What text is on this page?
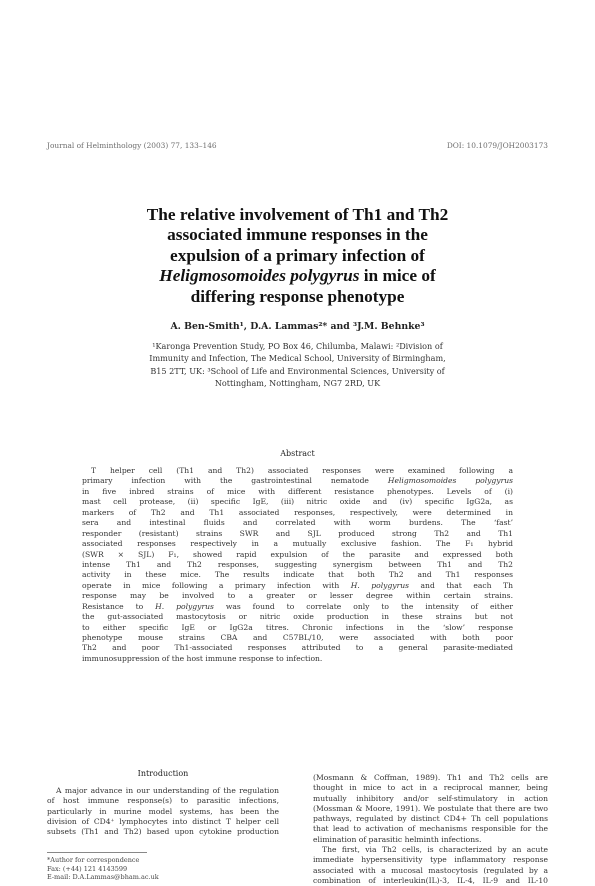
Journal of Helminthology (2003) 77, 133–146	DOI: 10.1079/JOH2003173
The relative involvement of Th1 and Th2
associated immune responses in the
expulsion of a primary infection of
Heligmosomoides polygyrus in mice of
differing response phenotype
A. Ben-Smith¹, D.A. Lammas²* and ³J.M. Behnke³
¹Karonga Prevention Study, PO Box 46, Chilumba, Malawi: ²Division of
Immunity and Infection, The Medical School, University of Birmingham,
B15 2TT, UK: ³School of Life and Environmental Sciences, University of
Nottingham, Nottingham, NG7 2RD, UK
Abstract
T helper cell (Th1 and Th2) associated responses were examined following a
primary infection with the gastrointestinal nematode Heligmosomoides polygyrus
in five inbred strains of mice with different resistance phenotypes. Levels of (i)
mast cell protease, (ii) specific IgE, (iii) nitric oxide and (iv) specific IgG2a, as
markers of Th2 and Th1 associated responses, respectively, were determined in
sera and intestinal fluids and correlated with worm burdens. The ‘fast’
responder (resistant) strains SWR and SJL produced strong Th2 and Th1
associated responses respectively in a mutually exclusive fashion. The F₁ hybrid
(SWR × SJL) F₁, showed rapid expulsion of the parasite and expressed both
intense Th1 and Th2 responses, suggesting synergism between Th1 and Th2
activity in these mice. The results indicate that both Th2 and Th1 responses
operate in mice following a primary infection with H. polygyrus and that each Th
response may be involved to a greater or lesser degree within certain strains.
Resistance to H. polygyrus was found to correlate only to the intensity of either
the gut-associated mastocytosis or nitric oxide production in these strains but not
to either specific IgE or IgG2a titres. Chronic infections in the ‘slow’ response
phenotype mouse strains CBA and C57BL/10, were associated with both poor
Th2 and poor Th1-associated responses attributed to a general parasite-mediated
immunosuppression of the host immune response to infection.
Introduction
A major advance in our understanding of the regulation
of host immune response(s) to parasitic infections,
particularly in murine model systems, has been the
division of CD4⁺ lymphocytes into distinct T helper cell
subsets (Th1 and Th2) based upon cytokine production
(Mosmann & Coffman, 1989). Th1 and Th2 cells are
thought in mice to act in a reciprocal manner, being
mutually inhibitory and/or self-stimulatory in action
(Mossman & Moore, 1991). We postulate that there are two
pathways, regulated by distinct CD4+ Th cell populations
that lead to activation of mechanisms responsible for the
elimination of parasitic helminth infections.
The first, via Th2 cells, is characterized by an acute
immediate hypersensitivity type inflammatory response
associated with a mucosal mastocytosis (regulated by a
combination of interleukin(IL)-3, IL-4, IL-9 and IL-10
*Author for correspondence
Fax: (+44) 121 4143599
E-mail: D.A.Lammas@bham.ac.uk
